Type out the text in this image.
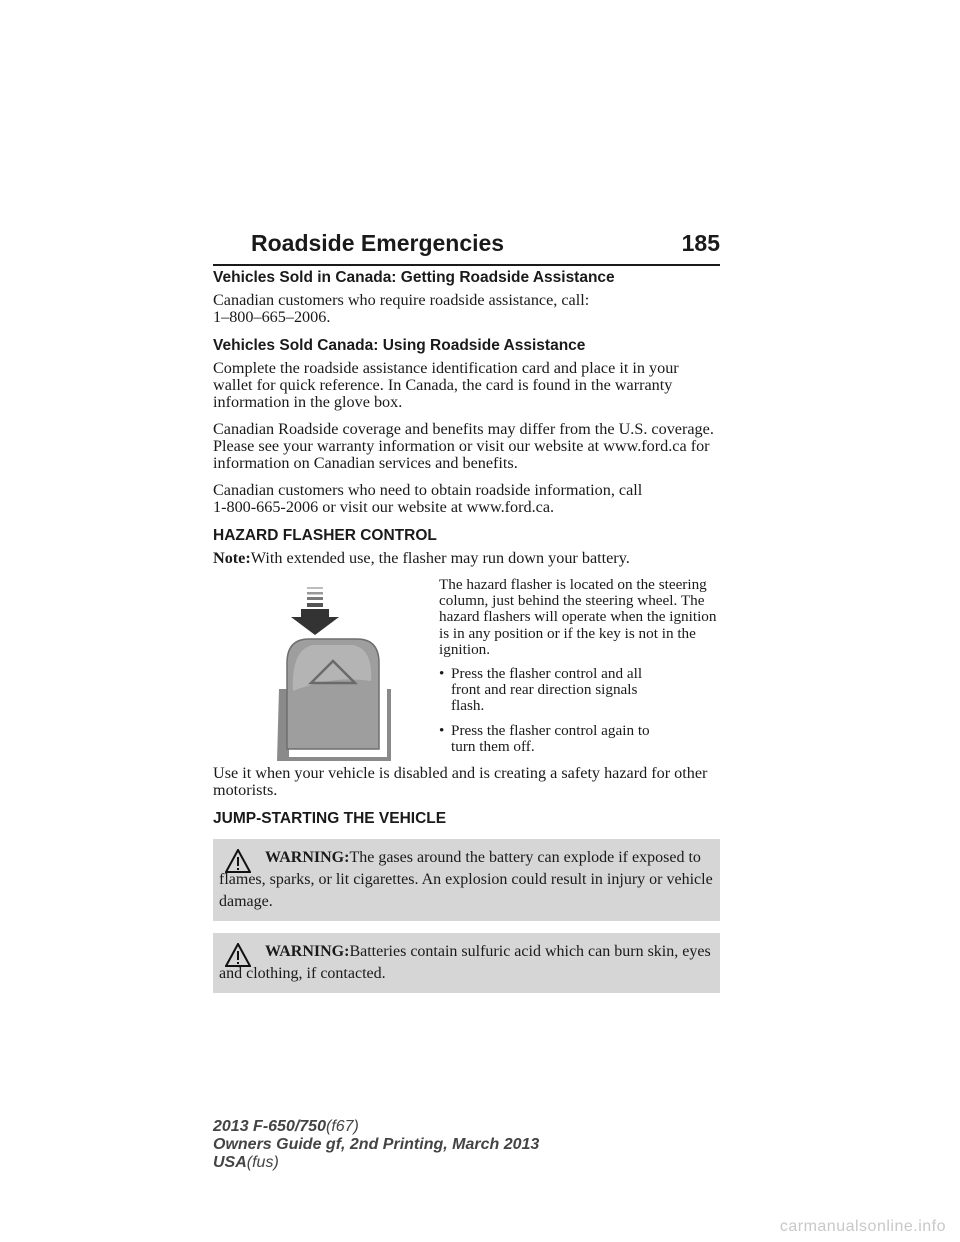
Roadside Emergencies	185
Vehicles Sold in Canada: Getting Roadside Assistance

Canadian customers who require roadside assistance, call:
1–800–665–2006.

Vehicles Sold Canada: Using Roadside Assistance

Complete the roadside assistance identification card and place it in your wallet for quick reference. In Canada, the card is found in the warranty information in the glove box.

Canadian Roadside coverage and benefits may differ from the U.S. coverage. Please see your warranty information or visit our website at www.ford.ca for information on Canadian services and benefits.

Canadian customers who need to obtain roadside information, call
1-800-665-2006 or visit our website at www.ford.ca.

HAZARD FLASHER CONTROL

Note:With extended use, the flasher may run down your battery.

The hazard flasher is located on the steering column, just behind the steering wheel. The hazard flashers will operate when the ignition is in any position or if the key is not in the ignition.

• Press the flasher control and all
front and rear direction signals
flash.
• Press the flasher control again to
turn them off.

Use it when your vehicle is disabled and is creating a safety hazard for other motorists.

JUMP-STARTING THE VEHICLE
WARNING:The gases around the battery can explode if exposed to flames, sparks, or lit cigarettes. An explosion could result in injury or vehicle damage.
WARNING:Batteries contain sulfuric acid which can burn skin, eyes and clothing, if contacted.
2013 F-650/750(f67)
Owners Guide gf, 2nd Printing, March 2013
USA(fus)
carmanualsonline.info
